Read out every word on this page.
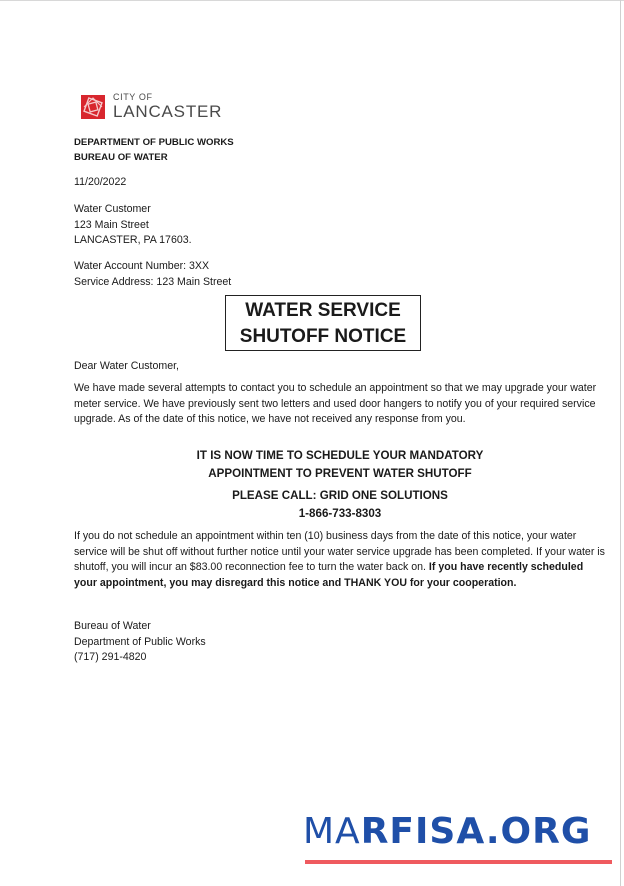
CITY OF
LANCASTER
DEPARTMENT OF PUBLIC WORKS
BUREAU OF WATER
11/20/2022
Water Customer
123 Main Street
LANCASTER, PA 17603.
Water Account Number: 3XX
Service Address: 123 Main Street
WATER SERVICE
SHUTOFF NOTICE
Dear Water Customer,
We have made several attempts to contact you to schedule an appointment so that we may upgrade your water meter service. We have previously sent two letters and used door hangers to notify you of your required service upgrade. As of the date of this notice, we have not received any response from you.
IT IS NOW TIME TO SCHEDULE YOUR MANDATORY
APPOINTMENT TO PREVENT WATER SHUTOFF
PLEASE CALL: GRID ONE SOLUTIONS
1-866-733-8303
If you do not schedule an appointment within ten (10) business days from the date of this notice, your water service will be shut off without further notice until your water service upgrade has been completed. If your water is shutoff, you will incur an $83.00 reconnection fee to turn the water back on. If you have recently scheduled your appointment, you may disregard this notice and THANK YOU for your cooperation.
Bureau of Water
Department of Public Works
(717) 291-4820
MARFISA.ORG
